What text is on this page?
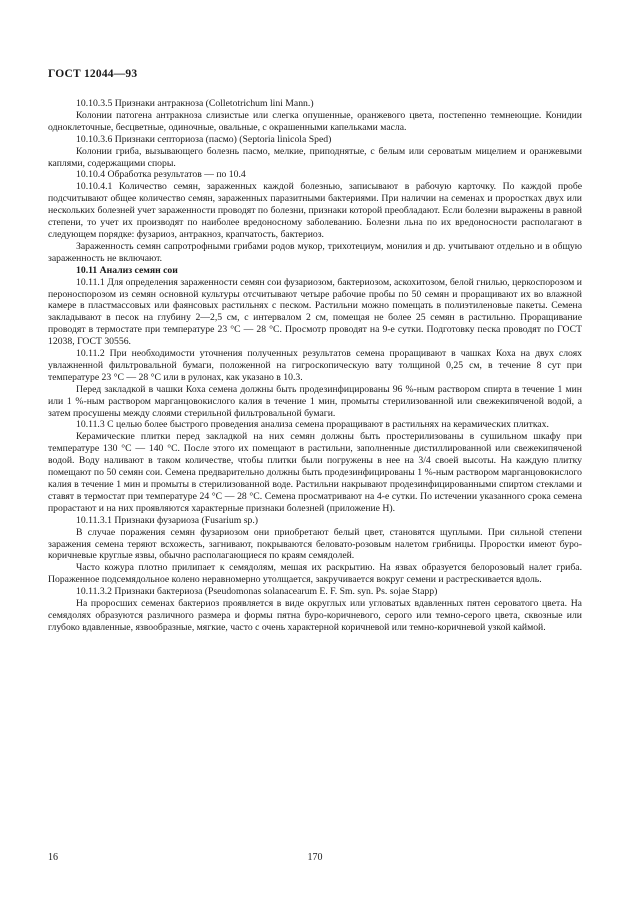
ГОСТ 12044—93

10.10.3.5 Признаки антракноза (Colletotrichum lini Mann.)

Колонии патогена антракноза слизистые или слегка опушенные, оранжевого цвета, постепенно темнеющие. Конидии одноклеточные, бесцветные, одиночные, овальные, с окрашенными капельками масла.

10.10.3.6 Признаки септориоза (пасмо) (Septoria linicola Sped)

Колонии гриба, вызывающего болезнь пасмо, мелкие, приподнятые, с белым или сероватым мицелием и оранжевыми каплями, содержащими споры.

10.10.4 Обработка результатов — по 10.4

10.10.4.1 Количество семян, зараженных каждой болезнью, записывают в рабочую карточку. По каждой пробе подсчитывают общее количество семян, зараженных паразитными бактериями. При наличии на семенах и проростках двух или нескольких болезней учет зараженности проводят по болезни, признаки которой преобладают. Если болезни выражены в равной степени, то учет их производят по наиболее вредоносному заболеванию. Болезни льна по их вредоносности располагают в следующем порядке: фузариоз, антракноз, крапчатость, бактериоз.

Зараженность семян сапротрофными грибами родов мукор, трихотециум, монилия и др. учитывают отдельно и в общую зараженность не включают.

10.11 Анализ семян сои

10.11.1 Для определения зараженности семян сои фузариозом, бактериозом, аскохитозом, белой гнилью, церкоспорозом и пероноспорозом из семян основной культуры отсчитывают четыре рабочие пробы по 50 семян и проращивают их во влажной камере в пластмассовых или фаянсовых растильнях с песком. Растильни можно помещать в полиэтиленовые пакеты. Семена закладывают в песок на глубину 2—2,5 см, с интервалом 2 см, помещая не более 25 семян в растильню. Проращивание проводят в термостате при температуре 23 °С — 28 °С. Просмотр проводят на 9-е сутки. Подготовку песка проводят по ГОСТ 12038, ГОСТ 30556.

10.11.2 При необходимости уточнения полученных результатов семена проращивают в чашках Коха на двух слоях увлажненной фильтровальной бумаги, положенной на гигроскопическую вату толщиной 0,25 см, в течение 8 сут при температуре 23 °С — 28 °С или в рулонах, как указано в 10.3.

Перед закладкой в чашки Коха семена должны быть продезинфицированы 96 %-ным раствором спирта в течение 1 мин или 1 %-ным раствором марганцовокислого калия в течение 1 мин, промыты стерилизованной или свежекипяченой водой, а затем просушены между слоями стерильной фильтровальной бумаги.

10.11.3 С целью более быстрого проведения анализа семена проращивают в растильнях на керамических плитках.

Керамические плитки перед закладкой на них семян должны быть простерилизованы в сушильном шкафу при температуре 130 °С — 140 °С. После этого их помещают в растильни, заполненные дистиллированной или свежекипяченой водой. Воду наливают в таком количестве, чтобы плитки были погружены в нее на 3/4 своей высоты. На каждую плитку помещают по 50 семян сои. Семена предварительно должны быть продезинфицированы 1 %-ным раствором марганцовокислого калия в течение 1 мин и промыты в стерилизованной воде. Растильни накрывают продезинфицированными спиртом стеклами и ставят в термостат при температуре 24 °С — 28 °С. Семена просматривают на 4-е сутки. По истечении указанного срока семена прорастают и на них проявляются характерные признаки болезней (приложение Н).

10.11.3.1 Признаки фузариоза (Fusarium sp.)

В случае поражения семян фузариозом они приобретают белый цвет, становятся щуплыми. При сильной степени заражения семена теряют всхожесть, загнивают, покрываются беловато-розовым налетом грибницы. Проростки имеют буро-коричневые круглые язвы, обычно располагающиеся по краям семядолей.

Часто кожура плотно прилипает к семядолям, мешая их раскрытию. На язвах образуется белорозовый налет гриба. Пораженное подсемядольное колено неравномерно утолщается, закручивается вокруг семени и растрескивается вдоль.

10.11.3.2 Признаки бактериоза (Pseudomonas solanacearum E. F. Sm. syn. Ps. sojae Stapp)

На проросших семенах бактериоз проявляется в виде округлых или угловатых вдавленных пятен сероватого цвета. На семядолях образуются различного размера и формы пятна буро-коричневого, серого или темно-серого цвета, сквозные или глубоко вдавленные, язвообразные, мягкие, часто с очень характерной коричневой или темно-коричневой узкой каймой.

16	170
